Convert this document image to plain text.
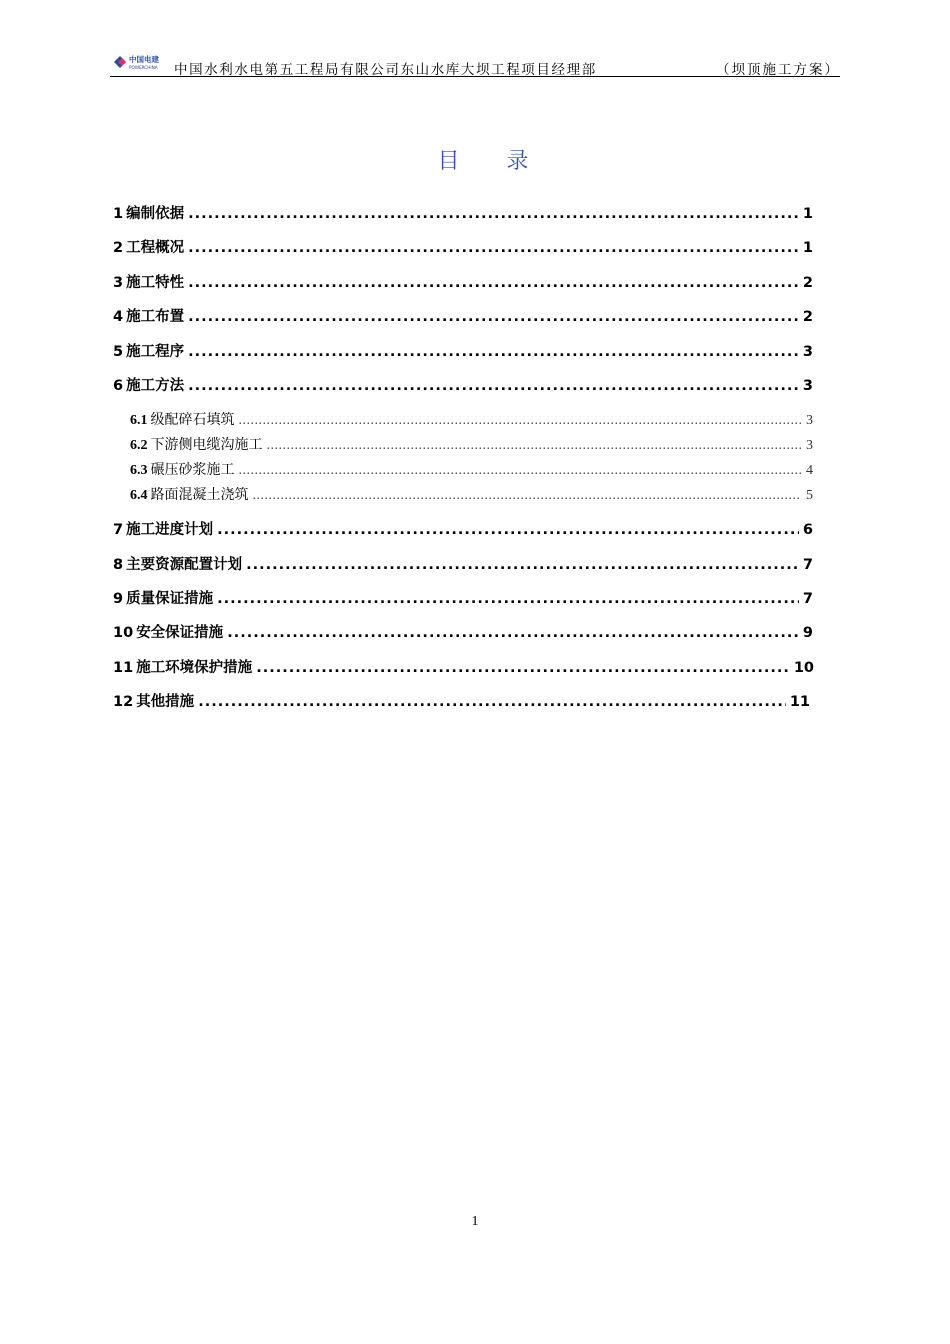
中国电建
POWERCHINA 中国水利水电第五工程局有限公司东山水库大坝工程项目经理部	（坝顶施工方案）
目 录
1 编制依据 .....	1
2 工程概况 .....	1
3 施工特性 .....	2
4 施工布置 .....	2
5 施工程序 .....	3
6 施工方法 .....	3
6.1 级配碎石填筑 .....	3
6.2 下游侧电缆沟施工 .....	3
6.3 碾压砂浆施工 .....	4
6.4 路面混凝土浇筑 .....	5
7 施工进度计划 .....	6
8 主要资源配置计划 .....	7
9 质量保证措施 .....	7
10 安全保证措施 .....	9
11 施工环境保护措施 .....	10
12 其他措施 .....	11
1
